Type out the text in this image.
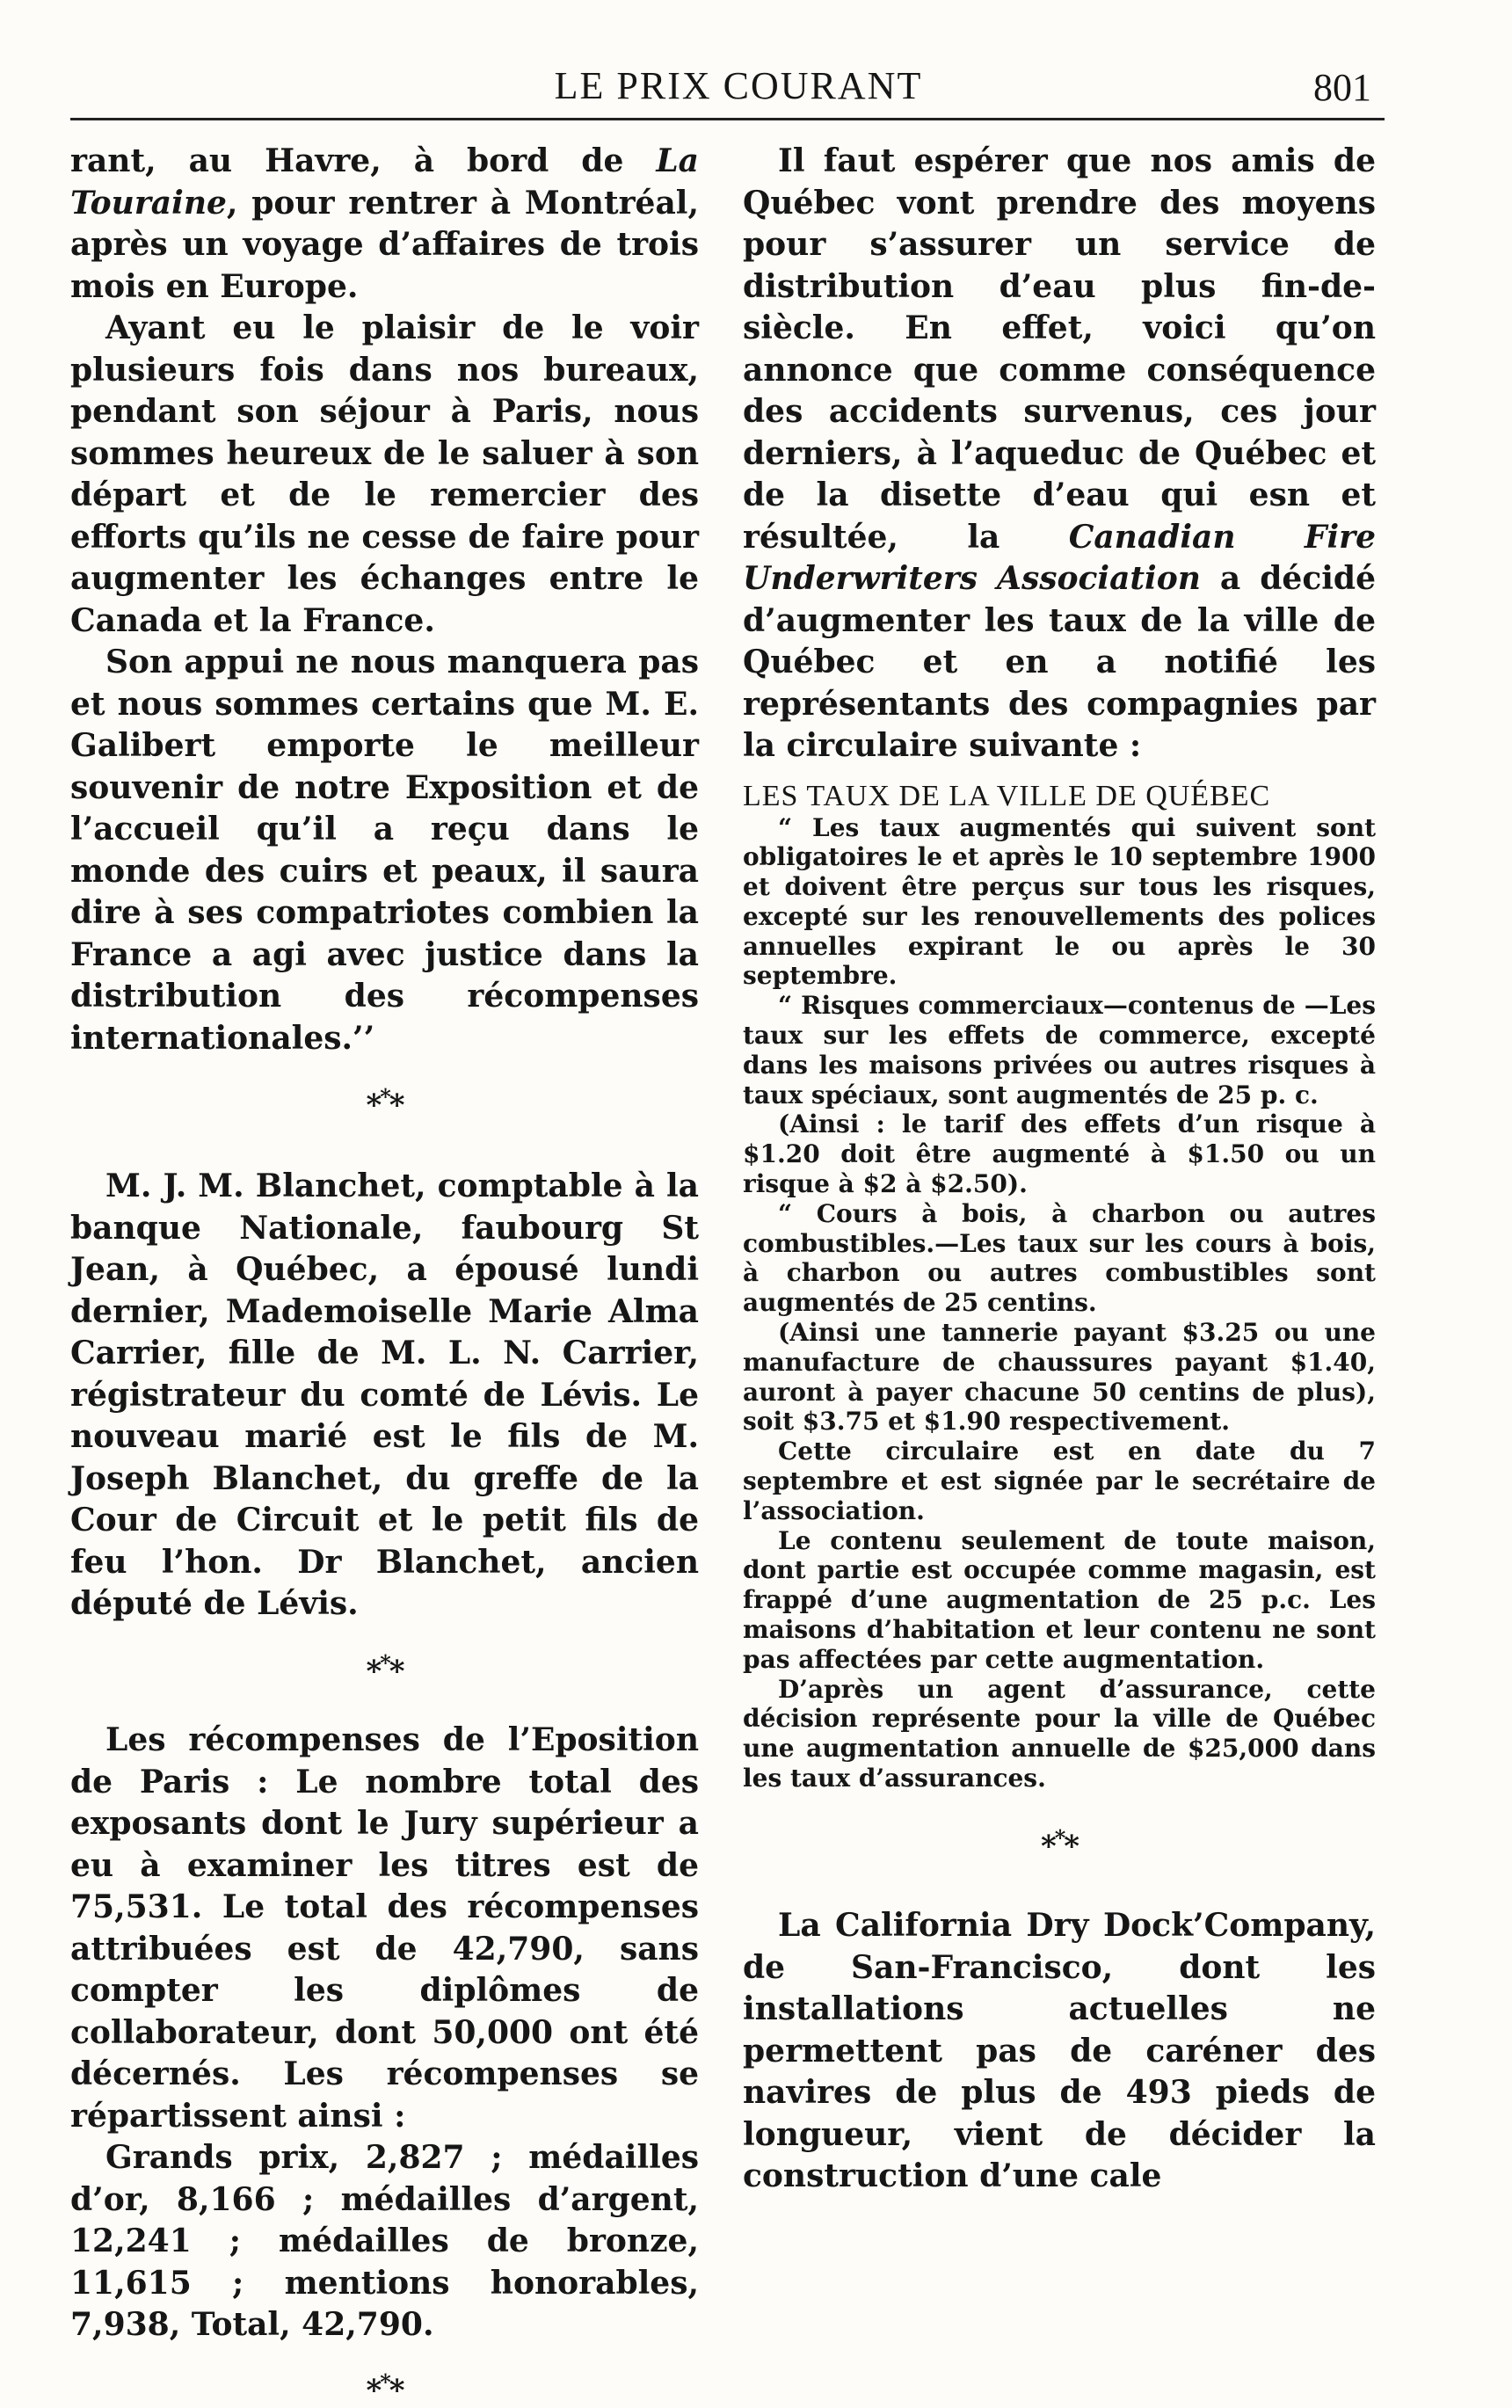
LE PRIX COURANT	801

rant, au Havre, à bord de La Touraine, pour rentrer à Montréal, après un voyage d’affaires de trois mois en Europe.

Ayant eu le plaisir de le voir plusieurs fois dans nos bureaux, pendant son séjour à Paris, nous sommes heureux de le saluer à son départ et de le remercier des efforts qu’ils ne cesse de faire pour augmenter les échanges entre le Canada et la France.

Son appui ne nous manquera pas et nous sommes certains que M. E. Galibert emporte le meilleur souvenir de notre Exposition et de l’accueil qu’il a reçu dans le monde des cuirs et peaux, il saura dire à ses compatriotes combien la France a agi avec justice dans la distribution des récompenses internationales.’’

***

M. J. M. Blanchet, comptable à la banque Nationale, faubourg St Jean, à Québec, a épousé lundi dernier, Mademoiselle Marie Alma Carrier, fille de M. L. N. Carrier, régistrateur du comté de Lévis. Le nouveau marié est le fils de M. Joseph Blanchet, du greffe de la Cour de Circuit et le petit fils de feu l’hon. Dr Blanchet, ancien député de Lévis.

***

Les récompenses de l’Eposition de Paris : Le nombre total des exposants dont le Jury supérieur a eu à examiner les titres est de 75,531. Le total des récompenses attribuées est de 42,790, sans compter les diplômes de collaborateur, dont 50,000 ont été décernés. Les récompenses se répartissent ainsi :

Grands prix, 2,827 ; médailles d’or, 8,166 ; médailles d’argent, 12,241 ; médailles de bronze, 11,615 ; mentions honorables, 7,938, Total, 42,790.

***

Il faut espérer que nos amis de Québec vont prendre des moyens pour s’assurer un service de distribution d’eau plus fin-de-siècle. En effet, voici qu’on annonce que comme conséquence des accidents survenus, ces jour derniers, à l’aqueduc de Québec et de la disette d’eau qui esn et résultée, la Canadian Fire Underwriters Association a décidé d’augmenter les taux de la ville de Québec et en a notifié les représentants des compagnies par la circulaire suivante :

LES TAUX DE LA VILLE DE QUÉBEC

“ Les taux augmentés qui suivent sont obligatoires le et après le 10 septembre 1900 et doivent être perçus sur tous les risques, excepté sur les renouvellements des polices annuelles expirant le ou après le 30 septembre.

“ Risques commerciaux—contenus de —Les taux sur les effets de commerce, excepté dans les maisons privées ou autres risques à taux spéciaux, sont augmentés de 25 p. c.

(Ainsi : le tarif des effets d’un risque à $1.20 doit être augmenté à $1.50 ou un risque à $2 à $2.50).

“ Cours à bois, à charbon ou autres combustibles.—Les taux sur les cours à bois, à charbon ou autres combustibles sont augmentés de 25 centins.

(Ainsi une tannerie payant $3.25 ou une manufacture de chaussures payant $1.40, auront à payer chacune 50 centins de plus), soit $3.75 et $1.90 respectivement.

Cette circulaire est en date du 7 septembre et est signée par le secrétaire de l’association.

Le contenu seulement de toute maison, dont partie est occupée comme magasin, est frappé d’une augmentation de 25 p.c. Les maisons d’habitation et leur contenu ne sont pas affectées par cette augmentation.

D’après un agent d’assurance, cette décision représente pour la ville de Québec une augmentation annuelle de $25,000 dans les taux d’assurances.

***

La California Dry Dock’Company, de San-Francisco, dont les installations actuelles ne permettent pas de caréner des navires de plus de 493 pieds de longueur, vient de décider la construction d’une cale
